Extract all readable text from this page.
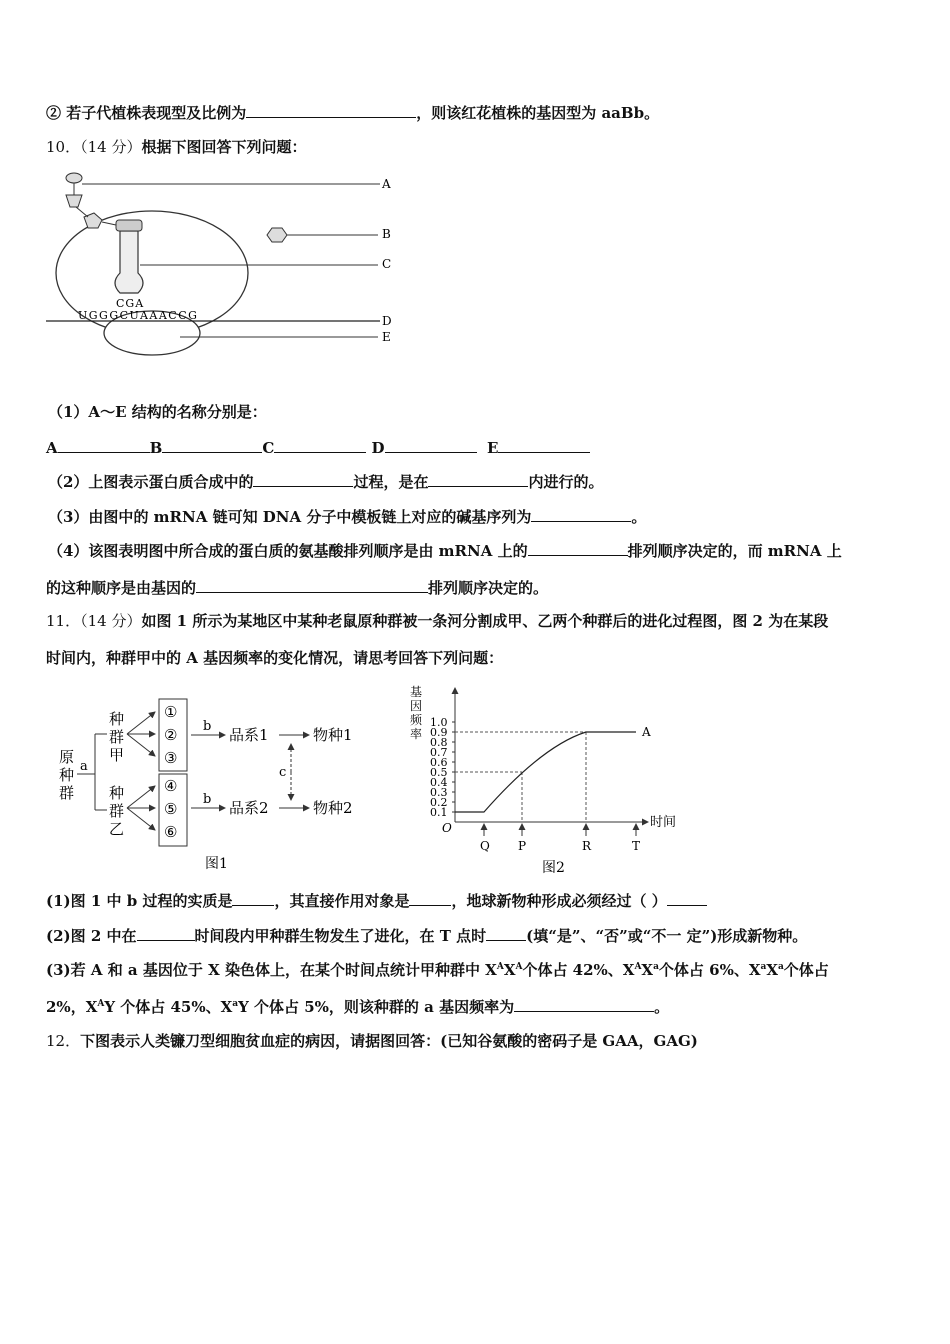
② 若子代植株表现型及比例为	，则该红花植株的基因型为 aaBb。
10．（14 分）根据下图回答下列问题：
A
B
C
D
E
CGA
UGGGCUAAACCG
（1）A～E 结构的名称分别是：
A	B	C	D	E
（2）上图表示蛋白质合成中的	过程，是在	内进行的。
（3）由图中的 mRNA 链可知 DNA 分子中模板链上对应的碱基序列为	。
（4）该图表明图中所合成的蛋白质的氨基酸排列顺序是由 mRNA 上的	排列顺序决定的，而 mRNA 上
的这种顺序是由基因的	排列顺序决定的。
11．（14 分）如图 1 所示为某地区中某种老鼠原种群被一条河分割成甲、乙两个种群后的进化过程图，图 2 为在某段
时间内，种群甲中的 A 基因频率的变化情况，请思考回答下列问题：
原
种
群
a
种
群
甲
种
群
乙
①
②
③
④
⑤
⑥
b 品系1	物种1
b 品系2	物种2
c
图1
基
因
频
率
时间
O
0.1
0.2
0.3
0.4
0.5
0.6
0.7
0.8
0.9
1.0
A
Q P	R	T
图2
(1)图 1 中 b 过程的实质是	，其直接作用对象是	，地球新物种形成必须经过（ ）
(2)图 2 中在	时间段内甲种群生物发生了进化，在 T 点时	(填“是”、“否”或“不一 定”)形成新物种。
(3)若 A 和 a 基因位于 X 染色体上，在某个时间点统计甲种群中 $X^AX^A$个体占 42%、$X^AX^a$个体占 6%、$X^aX^a$个体占
2%，$X^AY$ 个体占 45%、$X^aY$ 个体占 5%，则该种群的 a 基因频率为	。
12．下图表示人类镰刀型细胞贫血症的病因，请据图回答：(已知谷氨酸的密码子是 GAA，GAG)
